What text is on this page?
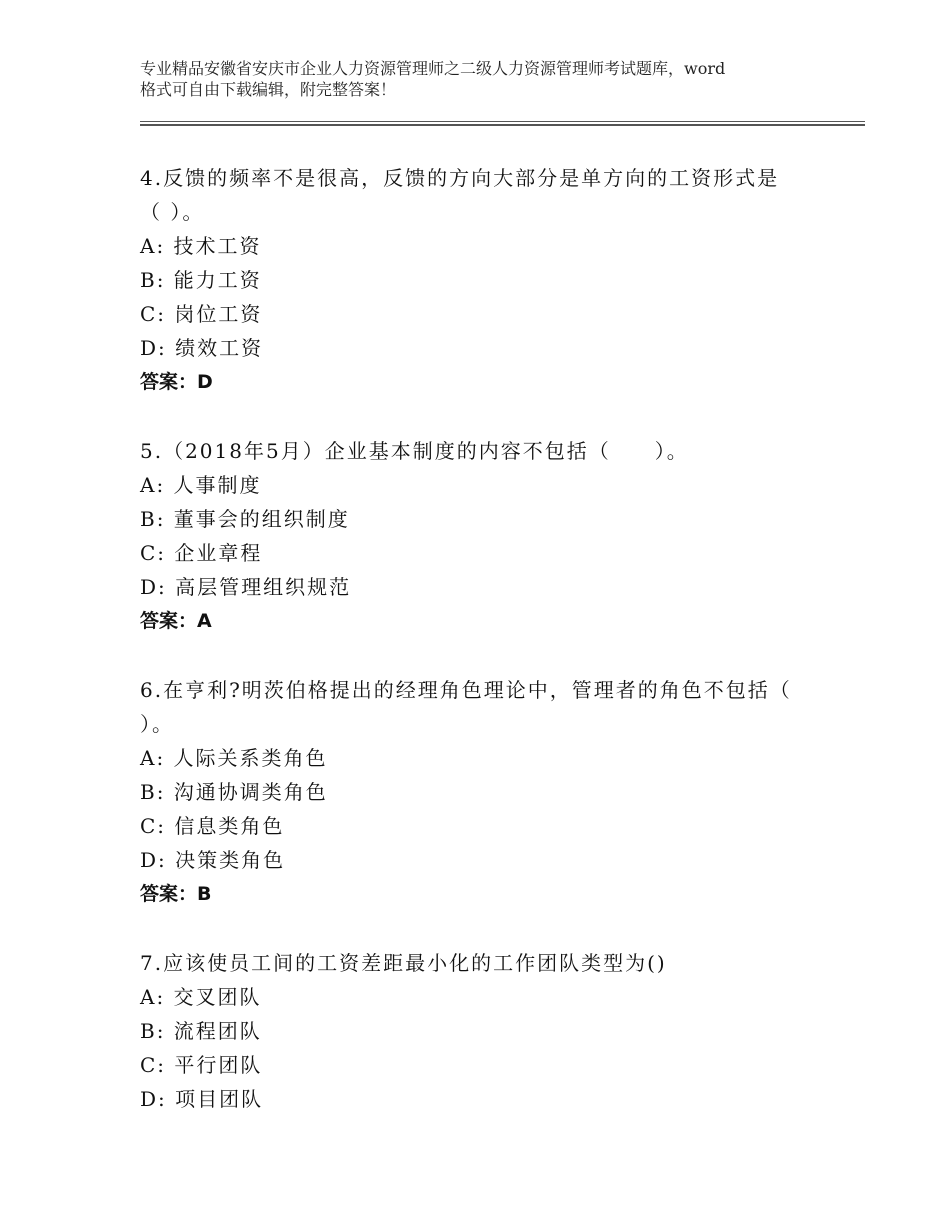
专业精品安徽省安庆市企业人力资源管理师之二级人力资源管理师考试题库，word
格式可自由下载编辑，附完整答案！
4.反馈的频率不是很高，反馈的方向大部分是单方向的工资形式是
（ ）。
A: 技术工资
B: 能力工资
C: 岗位工资
D: 绩效工资
答案：D
5.（2018年5月）企业基本制度的内容不包括（　　）。
A: 人事制度
B: 董事会的组织制度
C: 企业章程
D: 高层管理组织规范
答案：A
6.在亨利?明茨伯格提出的经理角色理论中，管理者的角色不包括（
）。
A: 人际关系类角色
B: 沟通协调类角色
C: 信息类角色
D: 决策类角色
答案：B
7.应该使员工间的工资差距最小化的工作团队类型为()
A: 交叉团队
B: 流程团队
C: 平行团队
D: 项目团队
